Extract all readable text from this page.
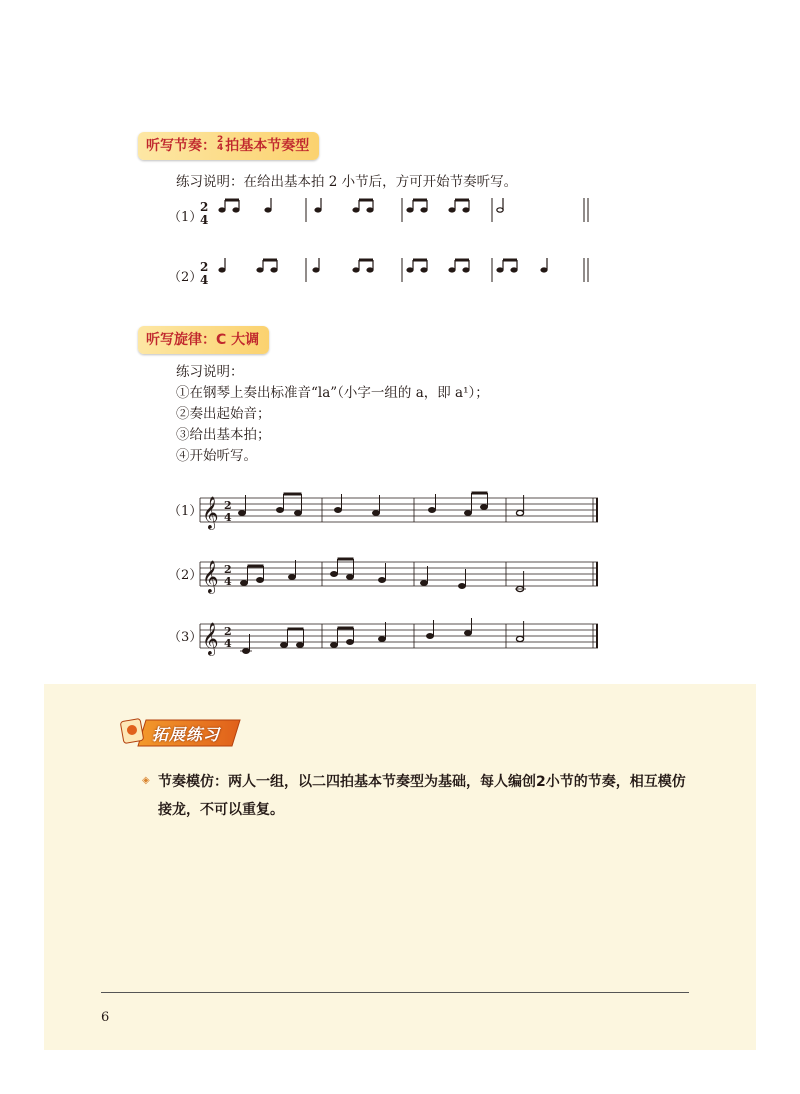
听写节奏： 2
4 拍基本节奏型
练习说明：在给出基本拍 2 小节后，方可开始节奏听写。
（1）
（2）
2
4
2
4
听写旋律：C 大调
练习说明：
①在钢琴上奏出标准音“la”（小字一组的 a，即 a¹）；
②奏出起始音；
③给出基本拍；
④开始听写。
（1）
（2）
（3）
𝄞 2
4
𝄞 2
4
𝄞 2
4
拓展练习
◈ 节奏模仿：两人一组，以二四拍基本节奏型为基础，每人编创2小节的节奏，相互模仿接龙，不可以重复。
6
